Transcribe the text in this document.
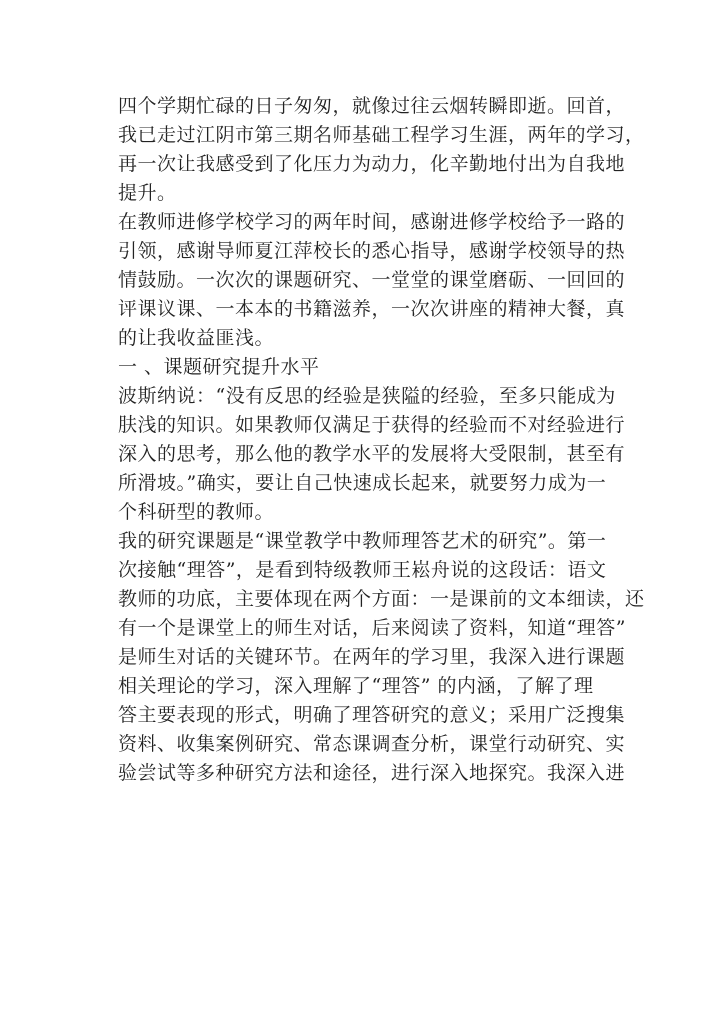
四个学期忙碌的日子匆匆，就像过往云烟转瞬即逝。回首，
我已走过江阴市第三期名师基础工程学习生涯，两年的学习，
再一次让我感受到了化压力为动力，化辛勤地付出为自我地
提升。
在教师进修学校学习的两年时间，感谢进修学校给予一路的
引领，感谢导师夏江萍校长的悉心指导，感谢学校领导的热
情鼓励。一次次的课题研究、一堂堂的课堂磨砺、一回回的
评课议课、一本本的书籍滋养，一次次讲座的精神大餐，真
的让我收益匪浅。
一 、课题研究提升水平
波斯纳说：“没有反思的经验是狭隘的经验，至多只能成为
肤浅的知识。如果教师仅满足于获得的经验而不对经验进行
深入的思考，那么他的教学水平的发展将大受限制，甚至有
所滑坡。”确实，要让自己快速成长起来，就要努力成为一
个科研型的教师。
我的研究课题是“课堂教学中教师理答艺术的研究”。第一
次接触“理答”，是看到特级教师王崧舟说的这段话：语文
教师的功底，主要体现在两个方面：一是课前的文本细读，还
有一个是课堂上的师生对话，后来阅读了资料，知道“理答”
是师生对话的关键环节。在两年的学习里，我深入进行课题
相关理论的学习，深入理解了“理答” 的内涵，了解了理
答主要表现的形式，明确了理答研究的意义；采用广泛搜集
资料、收集案例研究、常态课调查分析，课堂行动研究、实
验尝试等多种研究方法和途径，进行深入地探究。我深入进
